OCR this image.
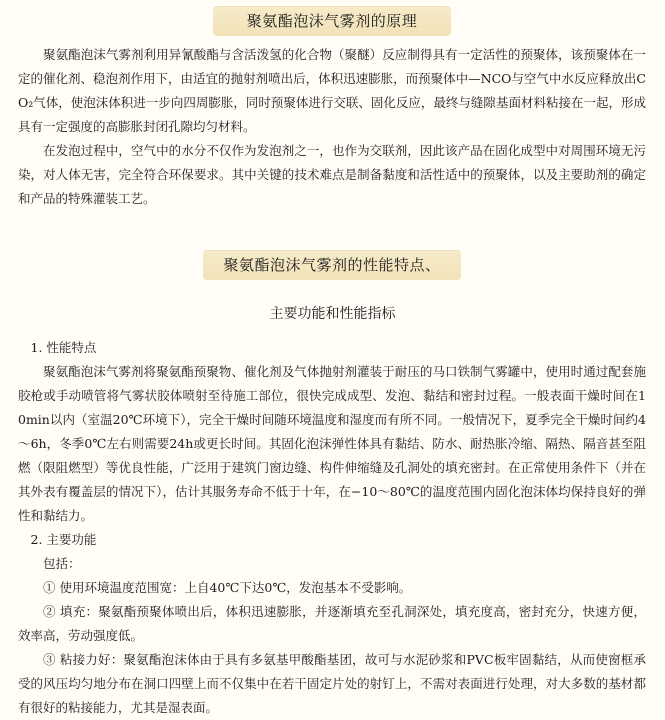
聚氨酯泡沫气雾剂的原理

聚氨酯泡沫气雾剂利用异氰酸酯与含活泼氢的化合物（聚醚）反应制得具有一定活性的预聚体，该预聚体在一定的催化剂、稳泡剂作用下，由适宜的抛射剂喷出后，体积迅速膨胀，而预聚体中—NCO与空气中水反应释放出CO₂气体，使泡沫体积进一步向四周膨胀，同时预聚体进行交联、固化反应，最终与缝隙基面材料粘接在一起，形成具有一定强度的高膨胀封闭孔隙均匀材料。

在发泡过程中，空气中的水分不仅作为发泡剂之一，也作为交联剂，因此该产品在固化成型中对周围环境无污染，对人体无害，完全符合环保要求。其中关键的技术难点是制备黏度和活性适中的预聚体，以及主要助剂的确定和产品的特殊灌装工艺。

聚氨酯泡沫气雾剂的性能特点、
主要功能和性能指标

1. 性能特点

聚氨酯泡沫气雾剂将聚氨酯预聚物、催化剂及气体抛射剂灌装于耐压的马口铁制气雾罐中，使用时通过配套施胶枪或手动喷管将气雾状胶体喷射至待施工部位，很快完成成型、发泡、黏结和密封过程。一般表面干燥时间在10min以内（室温20℃环境下），完全干燥时间随环境温度和湿度而有所不同。一般情况下，夏季完全干燥时间约4～6h，冬季0℃左右则需要24h或更长时间。其固化泡沫弹性体具有黏结、防水、耐热胀冷缩、隔热、隔音甚至阻燃（限阻燃型）等优良性能，广泛用于建筑门窗边缝、构件伸缩缝及孔洞处的填充密封。在正常使用条件下（并在其外表有覆盖层的情况下），估计其服务寿命不低于十年，在−10～80℃的温度范围内固化泡沫体均保持良好的弹性和黏结力。

2. 主要功能

包括：

① 使用环境温度范围宽：上自40℃下达0℃，发泡基本不受影响。

② 填充：聚氨酯预聚体喷出后，体积迅速膨胀，并逐渐填充至孔洞深处，填充度高，密封充分，快速方便，效率高，劳动强度低。

③ 粘接力好：聚氨酯泡沫体由于具有多氨基甲酸酯基团，故可与水泥砂浆和PVC板牢固黏结，从而使窗框承受的风压均匀地分布在洞口四壁上而不仅集中在若干固定片处的射钉上，不需对表面进行处理，对大多数的基材都有很好的粘接能力，尤其是湿表面。
